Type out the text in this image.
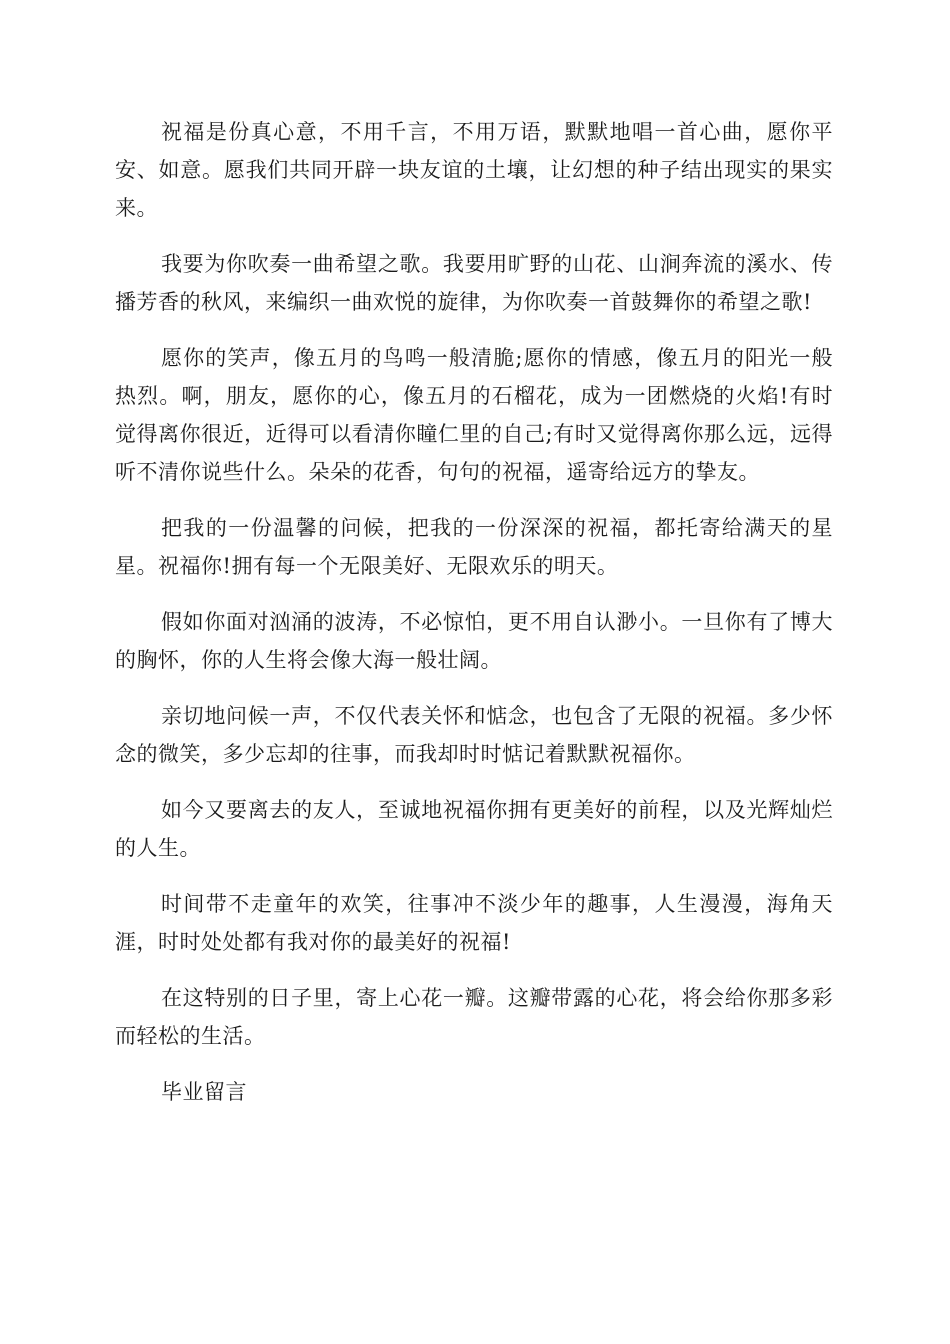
祝福是份真心意，不用千言，不用万语，默默地唱一首心曲，愿你平安、如意。愿我们共同开辟一块友谊的土壤，让幻想的种子结出现实的果实来。

我要为你吹奏一曲希望之歌。我要用旷野的山花、山涧奔流的溪水、传播芳香的秋风，来编织一曲欢悦的旋律，为你吹奏一首鼓舞你的希望之歌!

愿你的笑声，像五月的鸟鸣一般清脆;愿你的情感，像五月的阳光一般热烈。啊，朋友，愿你的心，像五月的石榴花，成为一团燃烧的火焰!有时觉得离你很近，近得可以看清你瞳仁里的自己;有时又觉得离你那么远，远得听不清你说些什么。朵朵的花香，句句的祝福，遥寄给远方的挚友。

把我的一份温馨的问候，把我的一份深深的祝福，都托寄给满天的星星。祝福你!拥有每一个无限美好、无限欢乐的明天。

假如你面对汹涌的波涛，不必惊怕，更不用自认渺小。一旦你有了博大的胸怀，你的人生将会像大海一般壮阔。

亲切地问候一声，不仅代表关怀和惦念，也包含了无限的祝福。多少怀念的微笑，多少忘却的往事，而我却时时惦记着默默祝福你。

如今又要离去的友人，至诚地祝福你拥有更美好的前程，以及光辉灿烂的人生。

时间带不走童年的欢笑，往事冲不淡少年的趣事，人生漫漫，海角天涯，时时处处都有我对你的最美好的祝福!

在这特别的日子里，寄上心花一瓣。这瓣带露的心花，将会给你那多彩而轻松的生活。

毕业留言
